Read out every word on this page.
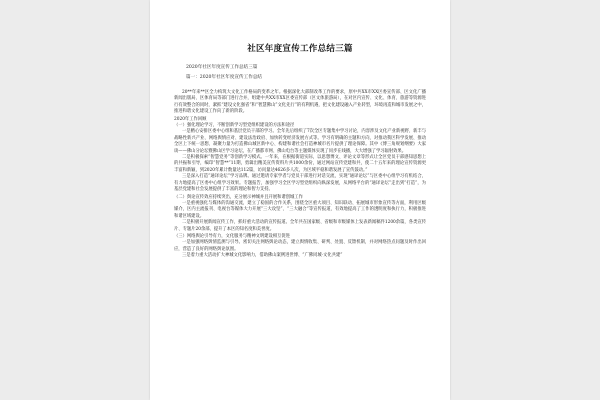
社区年度宣传工作总结三篇
2020年社区年度宣传工作总结三篇
篇一：2020年社区年度宣传工作总结

20**年来**区全力构筑大文化工作格局的变革之年。根据深化大部制改革工作的要求，原中共XX市XX区委宣传部、区文化广播新闻出版局、区体育局等部门进行合并，组建中共XX市XX区委宣传部（区文体旅游局），在对区内宣传、文化、体育、旅游等资源进行有效整合的同时，紧抓“建设文化强省”和“智慧佛山”文化先行”的有利机遇，把文化建设融入产业转型，环境再造和城市发展之中，推进和谐文化建设工作向了新的阶段。

2020年工作回顾

（一）强化理论学习，不断创新学习型党组织建设的方法和途径

一是精心安排区委中心组和基层党员干部的学习。全年先后组织了7次全区专题集中学习讨论，内容涉及文化产业新视野、新丰与战略性新兴产业、网络舆情应对、建设法治政府、加快转变经济发展方式等。学习有明确的主题和方向，对推动我区科学发展、推动全区上下统一思想、凝聚力量为打造佛山城区新中心、构建和谐社会打造神城市名片提供了理论保障。其中《博三角规划纲要》大家谈——佛山分论坛暨佛山区学习论坛，在广播都市网、佛山电台等主题媒体实现了同步在线播，大大增强了学习辐射效果。

二是积极探索“智慧党务”等创新学习模式。一年来，在根据街道实际，以思想博文、评论文章等形式让全区党员干部感知思想上的共振和引导，编印“智慧**”11期，剪辑出精美宣传资料片共1000余份，通过网站宣传党建和共，使二十五年来的理论宣传资源更丰富和新颖，到2020年累计数量达112篇，访问量达4626多人次，为区域平稳和谐发展了宣传鼓动。”

三是深入打造“通译论坛”学习品牌。通过邀请专家学者与党员干部进行对话交流，实现“通译论坛”与区委中心组学习有机结合，有力地提高了区委中心组学习效果。专题报告，加强学习全区学习型党组织向纵深发展，从网络平台的“通译论坛”走出到“打造”，为基层党建和社会发展提供了丰富的理论和智力支持。

（二）舆论宣传效应持续突出，充分展示神城并且开展和谐创城工作

一是重视强化与媒体的沟通交流，建立了稳固的合作关系，围绕全区重大项目、知识联动、拓展城市形象宣传等方面，利用区级媒介，区内主流报刊、电视台等媒体大力开展“三大攻坚”、“三大融合”等宣传报道，有效地提高了工作的透明度和执行力，积极推进和谐区域建设。

二是积极开展新闻宣传工作，抓好重大活动的宣传报道。全年共在国家级、省级和市级媒体上发表新闻稿件1200余篇，各类宣传片、专题片20余部，提升了本区的知名度和美誉度。

（三）网络舆论引导有力，文化服务与精神文明建设相互促进

一是加强网络舆情监测与引导。密切关注网络舆论动态，建立舆情收集、研判、处置、反馈机制，并对网络热点问题及时作出回应，营造了良好的网络舆论氛围。

三是着力重大活动扩大神城文化影响力，借助佛山案例进世博、“广佛同城·文化共建”
